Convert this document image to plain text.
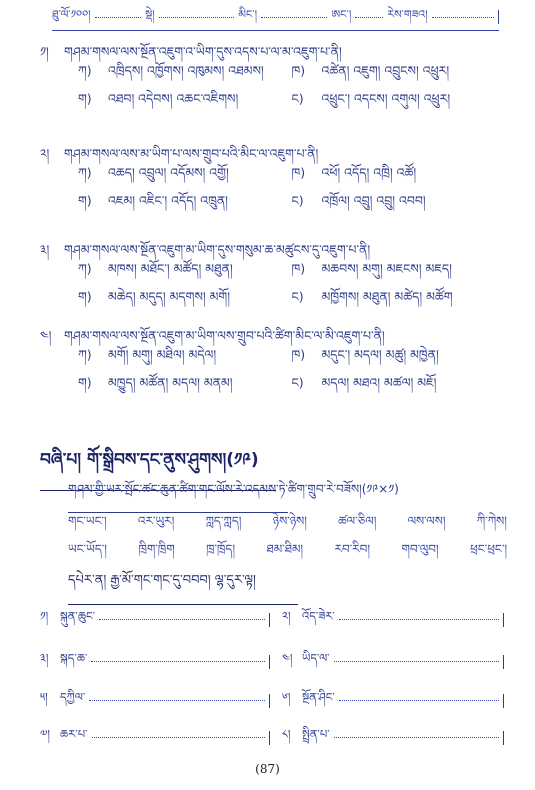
ཐུ་ལོ་༡༠༠།	སྡེ།	མིང་།	ཨང་།	རེས་གཟའ།
༡།	གཤམ་གསལ་ལས་སྔོན་འཇུག་འ་ཡིག་དུས་འདས་པ་ལ་མ་འཇུག་པ་ནི།
ཀ)	འཁྲིདས། འཁྱོགས། འཁུམས། འཐམས། ཁ)	འཚེན། འཇུག། འབྲུངས། འཕྲུར།
ག)	འཐབ། འདེབས། འཆང་འཇིགས།	ང)	འཕྲུང་། འདངས། འགུལ། འཕྲུར།
༢།	གཤམ་གསལ་ལས་མ་ཡིག་པ་ལས་གྲུབ་པའི་མིང་ལ་འཇུག་པ་ནི།
ཀ)	འཆད། འབྲུལ། འདོམས། འགྱོ།	ཁ)	འཕོ། འདོད། འཁྲི། འཚོ།
ག)	འཇམ། འཇིང་། འདོད། འཁྲུན།	ང)	འཁྲོལ། འབྲུ། འབྲུ། འབབ།
༣།	གཤམ་གསལ་ལས་སྔོན་འཇུག་མ་ཡིག་དུས་གསུམ་ཆ་མཚུངས་དུ་འཇུག་པ་ནི།
ཀ)	མཁས། མཐོང་། མཚོད། མཐུན།	ཁ)	མཆབས། མགུ། མཇངས། མཇད།
ག)	མཆེད། མདུད། མདགས། མགོ།	ང)	མཁྱོགས། མཐུན། མཚེད། མཚོག
༤།	གཤམ་གསལ་ལས་སྔོན་འཇུག་མ་ཡིག་ལས་གྲུབ་པའི་ཚིག་མིང་ལ་མི་འཇུག་པ་ནི།
ཀ)	མགོ། མགུ། མཐིལ། མདེལ།	ཁ)	མདུང་། མདལ། མཚུ། མཁྱེན།
ག)	མཁྱུད། མཚོན། མདལ། མནམ།	ང)	མདལ། མཐའ། མཚལ། མཇོ།
བཞི་པ། གོ་སྒྲིབས་དང་ནུས་ཤུགས།(༡༩)
གཤམ་གྱི་ཡར་སྤོང་ཚང་ཆུན་ཚིག་གང་ལོས་རེ་འདམས་ཏེ་ཚིག་གྲུབ་རེ་བཟོས།(༡༩×༡)
གང་ཡང་།	འར་ཡུར།	ཀླད་ཀླད།	ཉེས་ཉེས།	ཚལ་ཅིལ།	ལས་ལས།	ཀི་ཀེས།
ཡང་ཡོད་།	ཁྲིག་ཁྲིག	ཁྲ་ཁྲོད།	ཐམ་ཐིམ།	རབ་རིབ།	གབ་ལུབ།	ཕྲང་ཕྲང་།
དཔེར་ན། རྒྱ་མོ་གང་གང་དུ་བབབ། ལྷ་དུར་ལྟ།
༡།	སྐུན་ཆུང་	༢། འོད་ཟེར་
༣།	སྐད་ཆ་	༤། ཡིད་ལ་
༥།	དཀྱིལ་	༦།	སྔོན་ཤིང་
༧། ཆར་པ་	༨།	སྤྲིན་པ་
(87)
